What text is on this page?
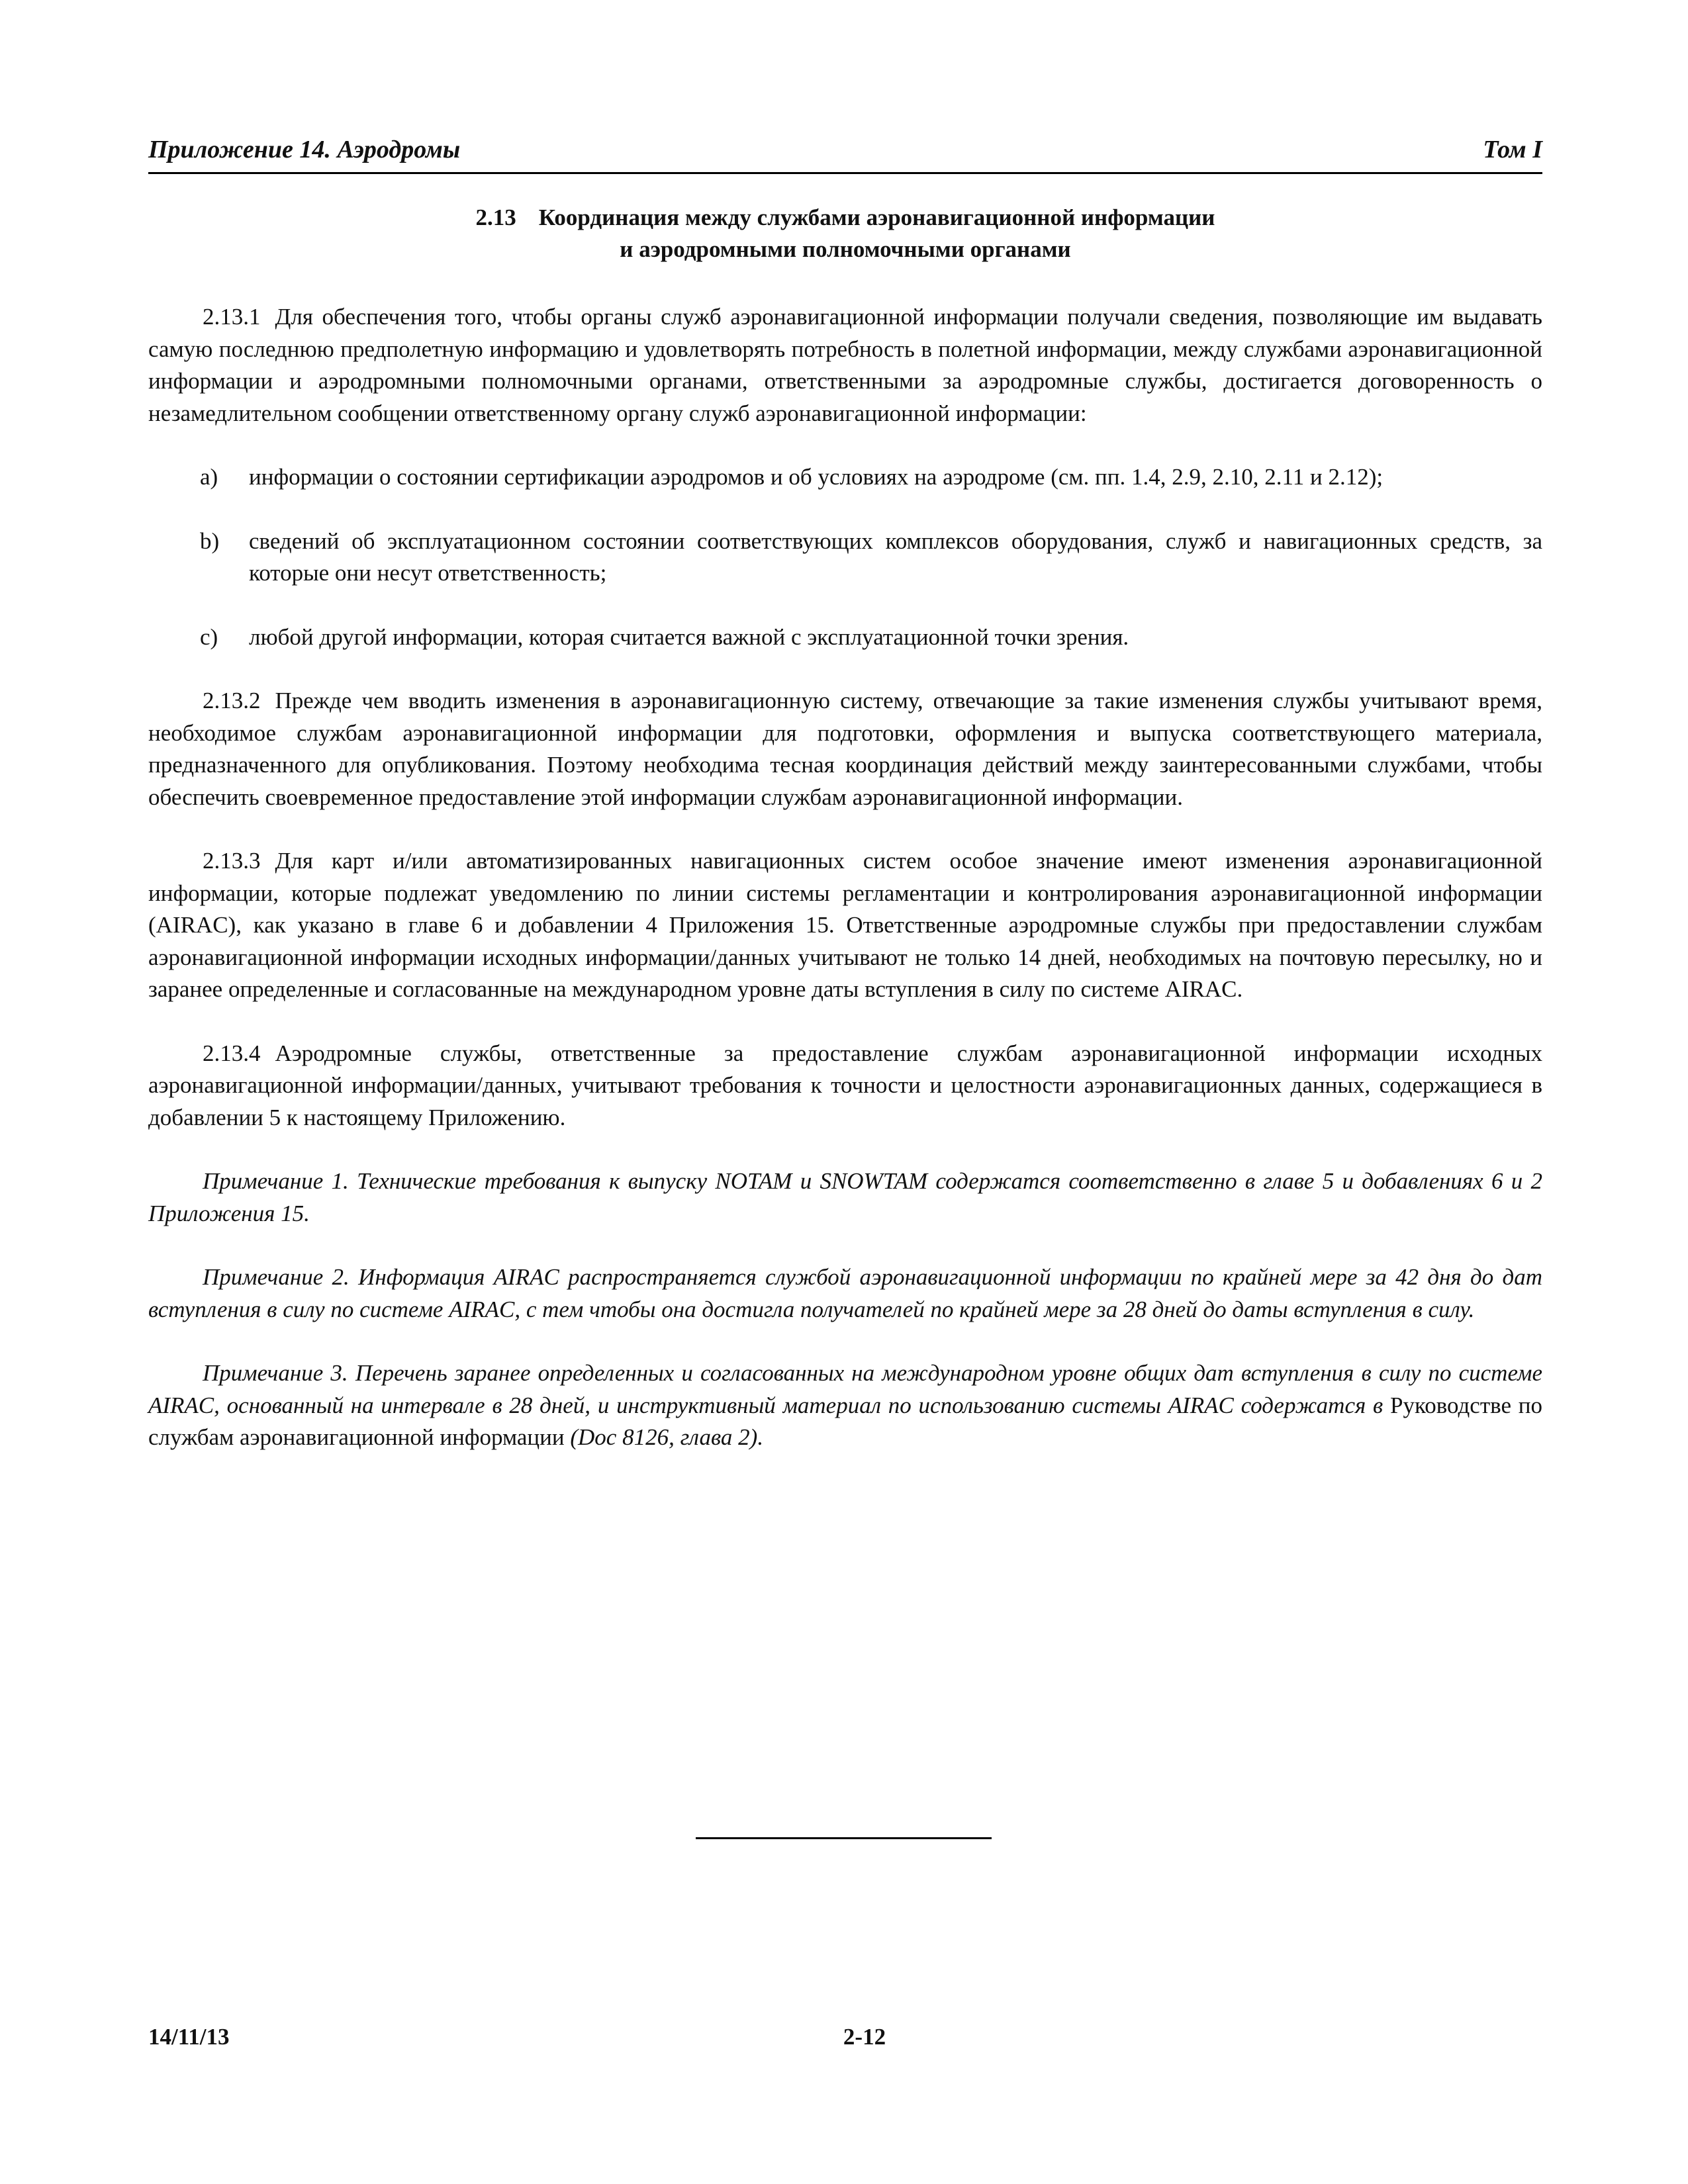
Приложение 14. Аэродромы	Том I
2.13 Координация между службами аэронавигационной информации
и аэродромными полномочными органами

2.13.1 Для обеспечения того, чтобы органы служб аэронавигационной информации получали сведения, позволяющие им выдавать самую последнюю предполетную информацию и удовлетворять потребность в полетной информации, между службами аэронавигационной информации и аэродромными полномочными органами, ответственными за аэродромные службы, достигается договоренность о незамедлительном сообщении ответственному органу служб аэронавигационной информации:

a) информации о состоянии сертификации аэродромов и об условиях на аэродроме (см. пп. 1.4, 2.9, 2.10, 2.11 и 2.12);
b) сведений об эксплуатационном состоянии соответствующих комплексов оборудования, служб и навигационных средств, за которые они несут ответственность;
c) любой другой информации, которая считается важной с эксплуатационной точки зрения.

2.13.2 Прежде чем вводить изменения в аэронавигационную систему, отвечающие за такие изменения службы учитывают время, необходимое службам аэронавигационной информации для подготовки, оформления и выпуска соответствующего материала, предназначенного для опубликования. Поэтому необходима тесная координация действий между заинтересованными службами, чтобы обеспечить своевременное предоставление этой информации службам аэронавигационной информации.

2.13.3 Для карт и/или автоматизированных навигационных систем особое значение имеют изменения аэронавигационной информации, которые подлежат уведомлению по линии системы регламентации и контролирования аэронавигационной информации (AIRAC), как указано в главе 6 и добавлении 4 Приложения 15. Ответственные аэродромные службы при предоставлении службам аэронавигационной информации исходных информации/данных учитывают не только 14 дней, необходимых на почтовую пересылку, но и заранее определенные и согласованные на международном уровне даты вступления в силу по системе AIRAC.

2.13.4 Аэродромные службы, ответственные за предоставление службам аэронавигационной информации исходных аэронавигационной информации/данных, учитывают требования к точности и целостности аэронавигационных данных, содержащиеся в добавлении 5 к настоящему Приложению.

Примечание 1. Технические требования к выпуску NOTAM и SNOWTAM содержатся соответственно в главе 5 и добавлениях 6 и 2 Приложения 15.

Примечание 2. Информация AIRAC распространяется службой аэронавигационной информации по крайней мере за 42 дня до дат вступления в силу по системе AIRAC, с тем чтобы она достигла получателей по крайней мере за 28 дней до даты вступления в силу.

Примечание 3. Перечень заранее определенных и согласованных на международном уровне общих дат вступления в силу по системе AIRAC, основанный на интервале в 28 дней, и инструктивный материал по использованию системы AIRAC содержатся в Руководстве по службам аэронавигационной информации (Doc 8126, глава 2).

14/11/13	2-12
